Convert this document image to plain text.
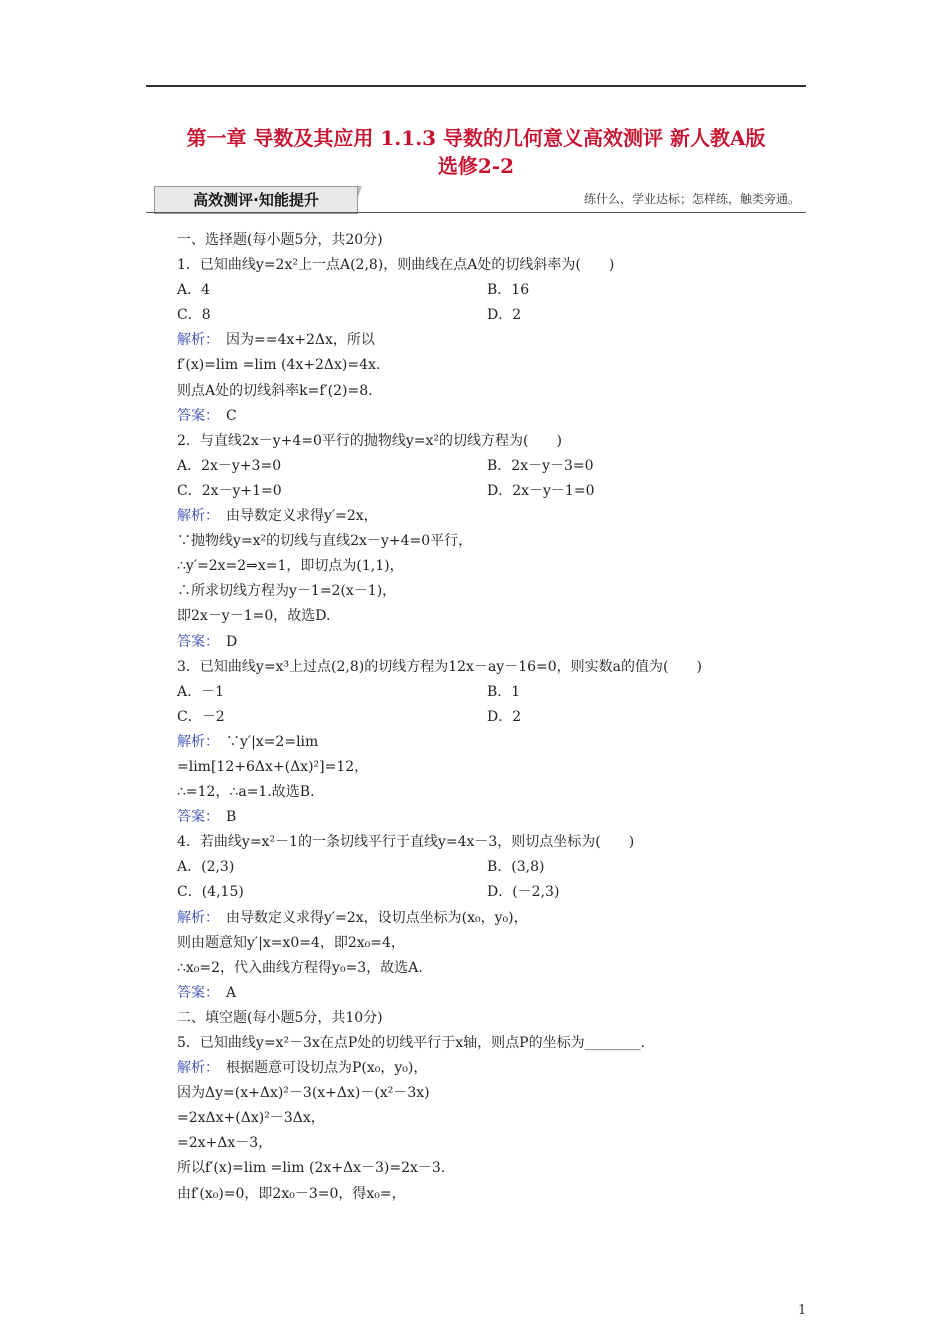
第一章 导数及其应用 1.1.3 导数的几何意义高效测评 新人教A版
选修2-2
高效测评·知能提升	练什么，学业达标；怎样练，触类旁通。
一、选择题(每小题5分，共20分)
1．已知曲线y=2x²上一点A(2,8)，则曲线在点A处的切线斜率为(　　)
A．4	B．16
C．8	D．2
解析：　因为==4x+2Δx，所以
f′(x)=lim =lim (4x+2Δx)=4x.
则点A处的切线斜率k=f′(2)=8.
答案：　C
2．与直线2x－y+4=0平行的抛物线y=x²的切线方程为(　　)
A．2x－y+3=0	B．2x－y－3=0
C．2x－y+1=0	D．2x－y－1=0
解析：　由导数定义求得y′=2x，
∵抛物线y=x²的切线与直线2x－y+4=0平行，
∴y′=2x=2⇒x=1，即切点为(1,1)，
∴所求切线方程为y－1=2(x－1)，
即2x－y－1=0，故选D.
答案：　D
3．已知曲线y=x³上过点(2,8)的切线方程为12x－ay－16=0，则实数a的值为(　　)
A．－1	B．1
C．－2	D．2
解析：　∵y′|x=2=lim
=lim[12+6Δx+(Δx)²]=12，
∴=12，∴a=1.故选B.
答案：　B
4．若曲线y=x²－1的一条切线平行于直线y=4x－3，则切点坐标为(　　)
A．(2,3)	B．(3,8)
C．(4,15)	D．(－2,3)
解析：　由导数定义求得y′=2x，设切点坐标为(x₀，y₀)，
则由题意知y′|x=x0=4，即2x₀=4，
∴x₀=2，代入曲线方程得y₀=3，故选A.
答案：　A
二、填空题(每小题5分，共10分)
5．已知曲线y=x²－3x在点P处的切线平行于x轴，则点P的坐标为________.
解析：　根据题意可设切点为P(x₀，y₀)，
因为Δy=(x+Δx)²－3(x+Δx)－(x²－3x)
=2xΔx+(Δx)²－3Δx，
=2x+Δx－3，
所以f′(x)=lim =lim (2x+Δx－3)=2x－3.
由f′(x₀)=0，即2x₀－3=0，得x₀=，
1
